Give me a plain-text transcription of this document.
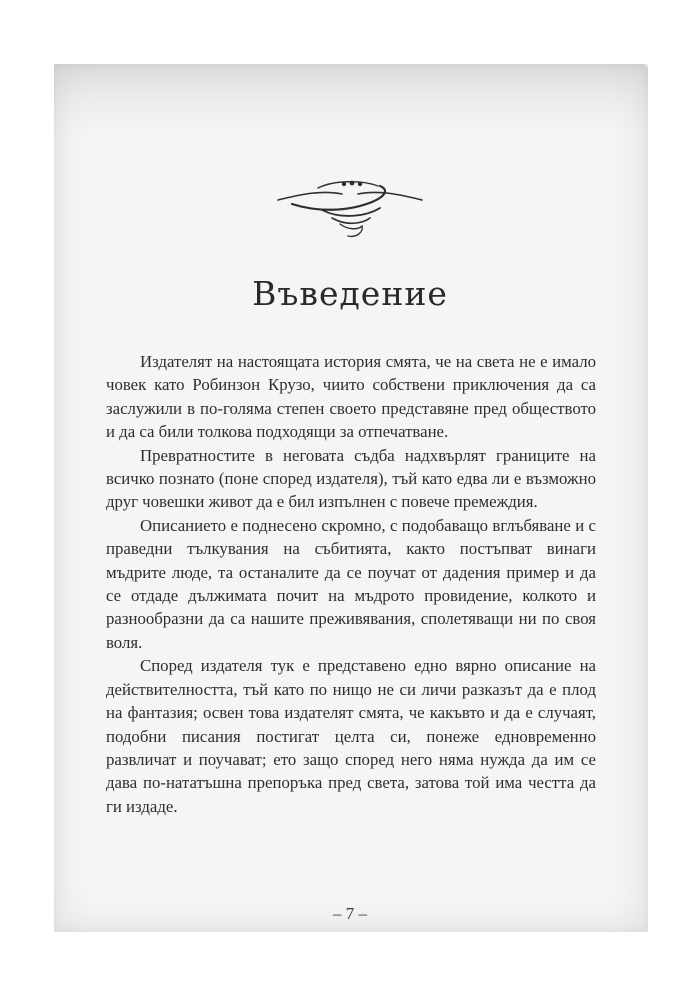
Въведение

Издателят на настоящата история смята, че на света не е имало човек като Робинзон Крузо, чиито собствени приключения да са заслужили в по-голяма степен своето представяне пред обществото и да са били толкова подходящи за отпечатване.

Превратностите в неговата съдба надхвърлят границите на всичко познато (поне според издателя), тъй като едва ли е възможно друг човешки живот да е бил изпълнен с повече премеждия.

Описанието е поднесено скромно, с подобаващо вглъбяване и с праведни тълкувания на събитията, както постъпват винаги мъдрите люде, та останалите да се поучат от дадения пример и да се отдаде дължимата почит на мъдрото провидение, колкото и разнообразни да са нашите преживявания, сполетяващи ни по своя воля.

Според издателя тук е представено едно вярно описание на действителността, тъй като по нищо не си личи разказът да е плод на фантазия; освен това издателят смята, че какъвто и да е случаят, подобни писания постигат целта си, понеже едновременно развличат и поучават; ето защо според него няма нужда да им се дава по-нататъшна препоръка пред света, затова той има честта да ги издаде.

– 7 –
